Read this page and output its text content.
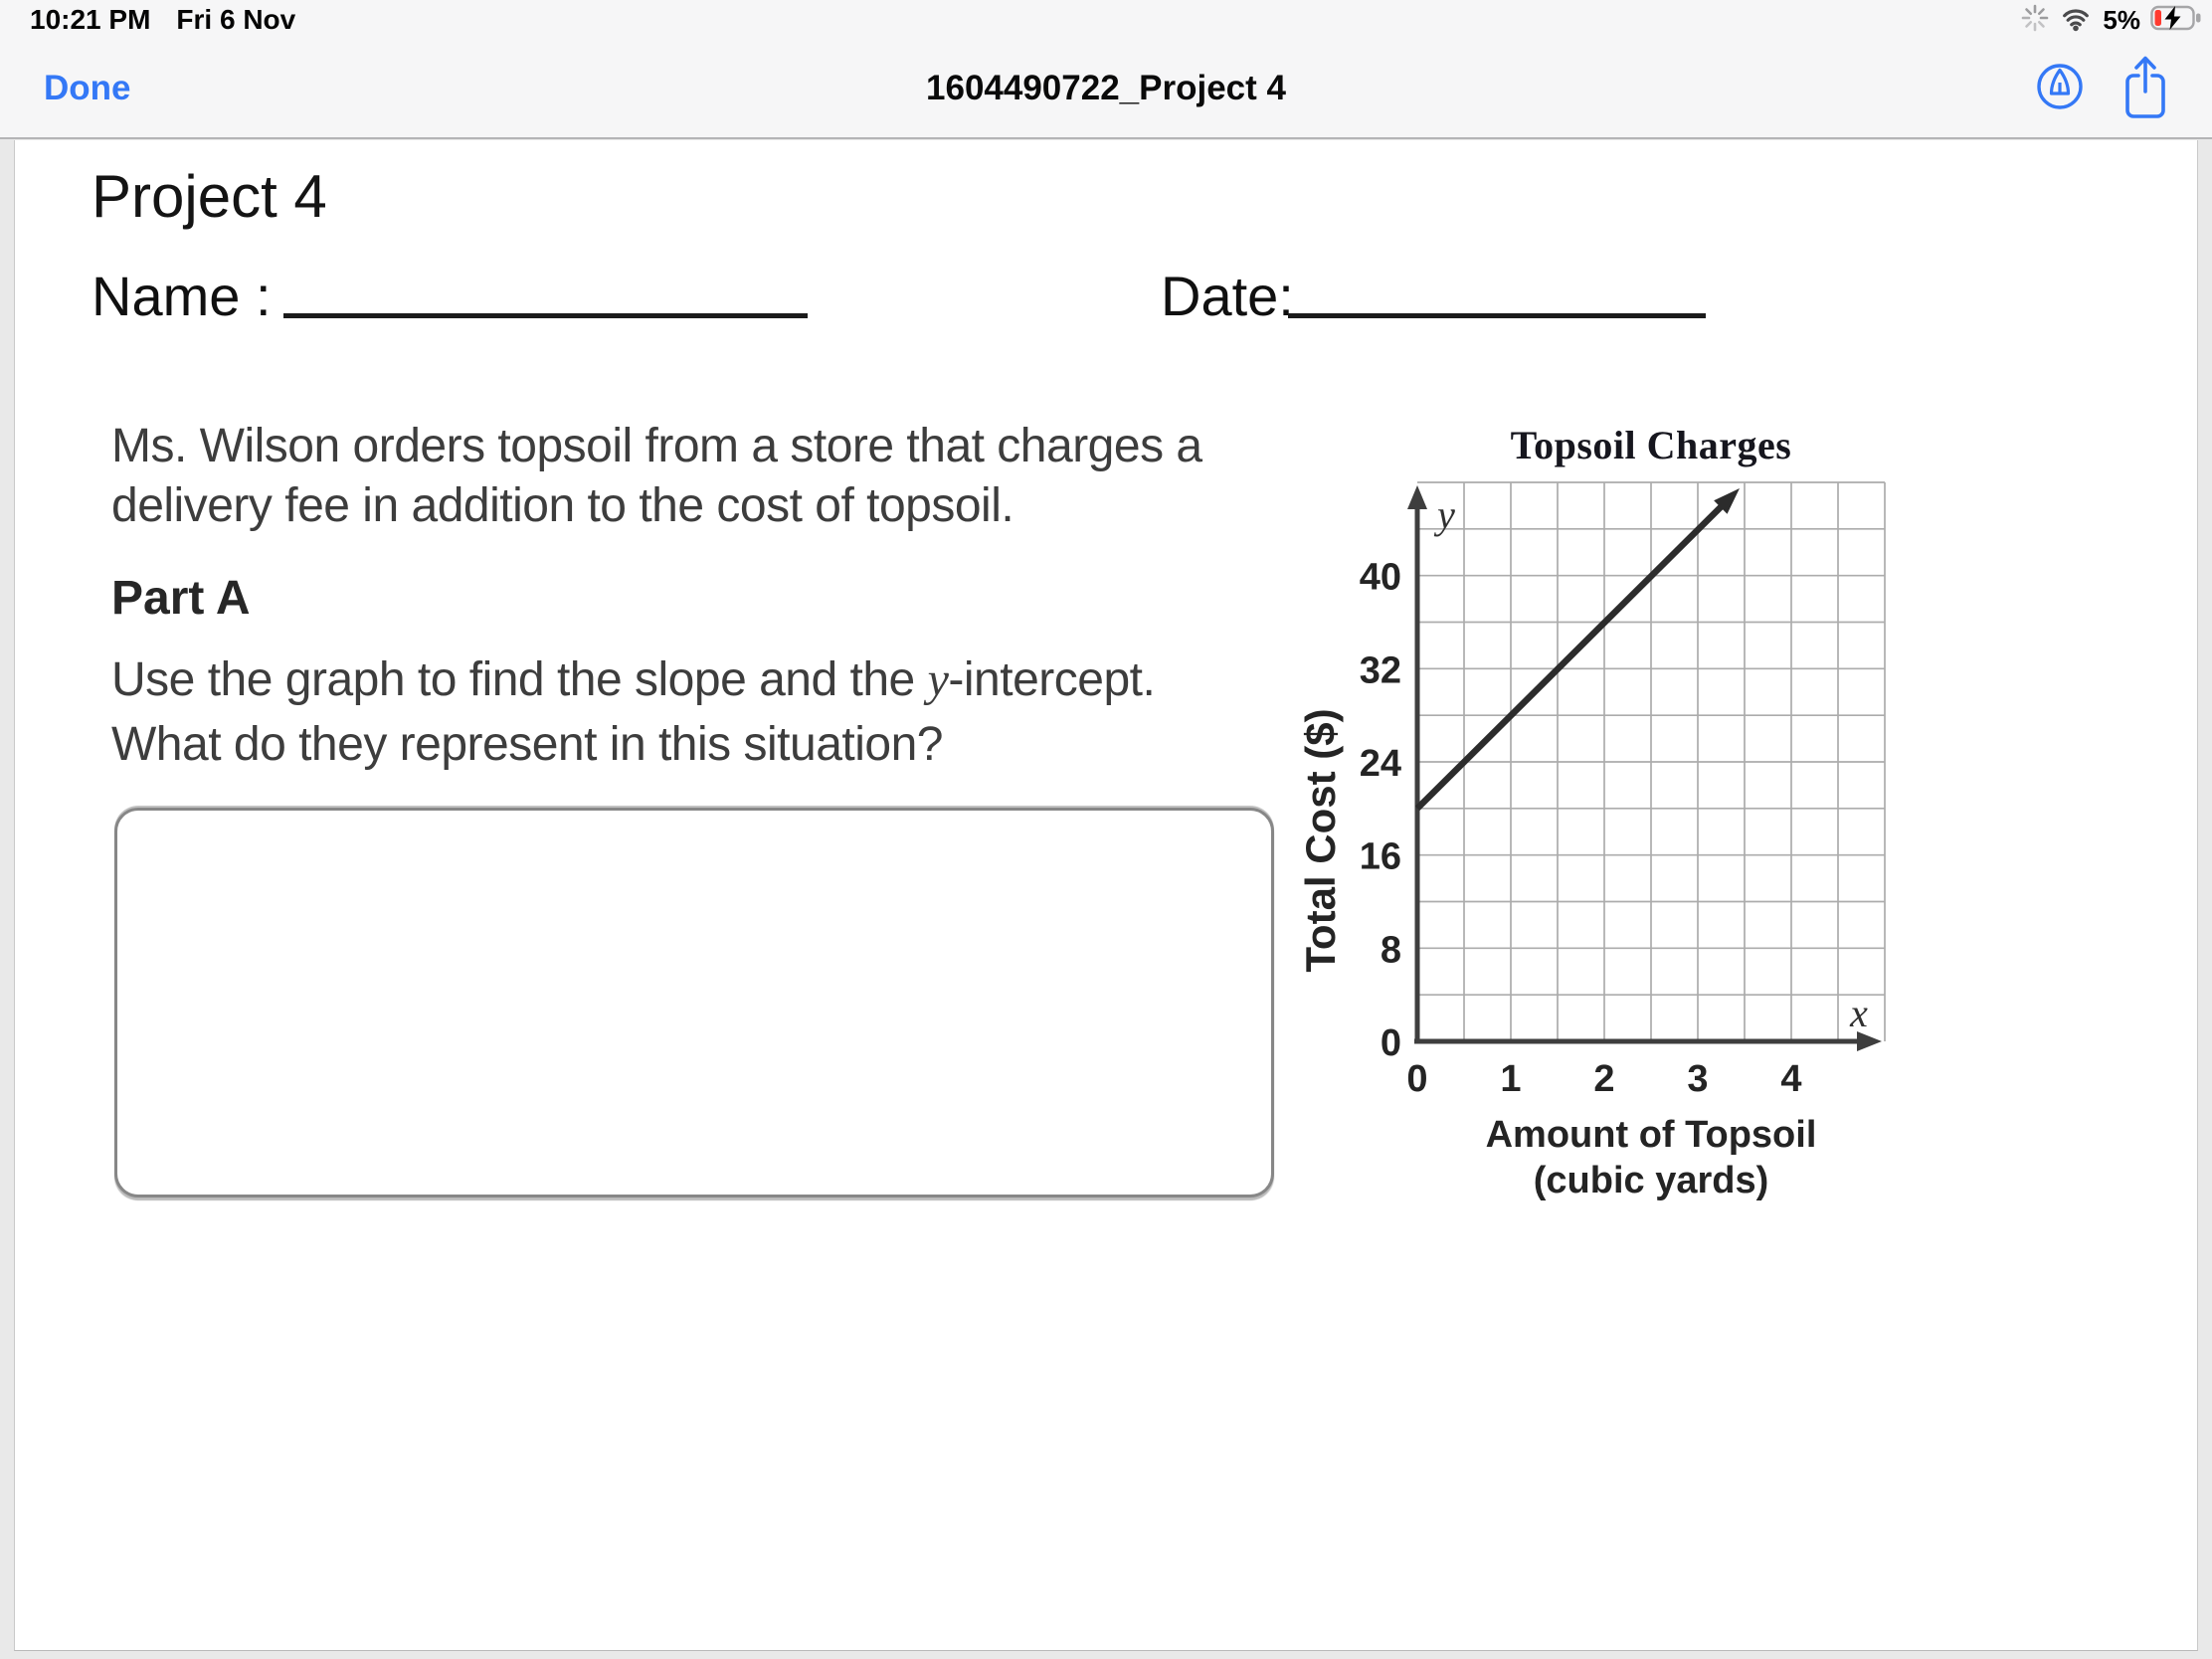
10:21 PM Fri 6 Nov	5%
Done	1604490722_Project 4
Project 4
Name :	Date:
Ms. Wilson orders topsoil from a store that charges a
delivery fee in addition to the cost of topsoil.
Part A
Use the graph to find the slope and the y-intercept.
What do they represent in this situation?
Topsoil Charges
0
8
16
24
32
40
0 1 2 3 4
y
x
Total Cost ($)
Amount of Topsoil
(cubic yards)
